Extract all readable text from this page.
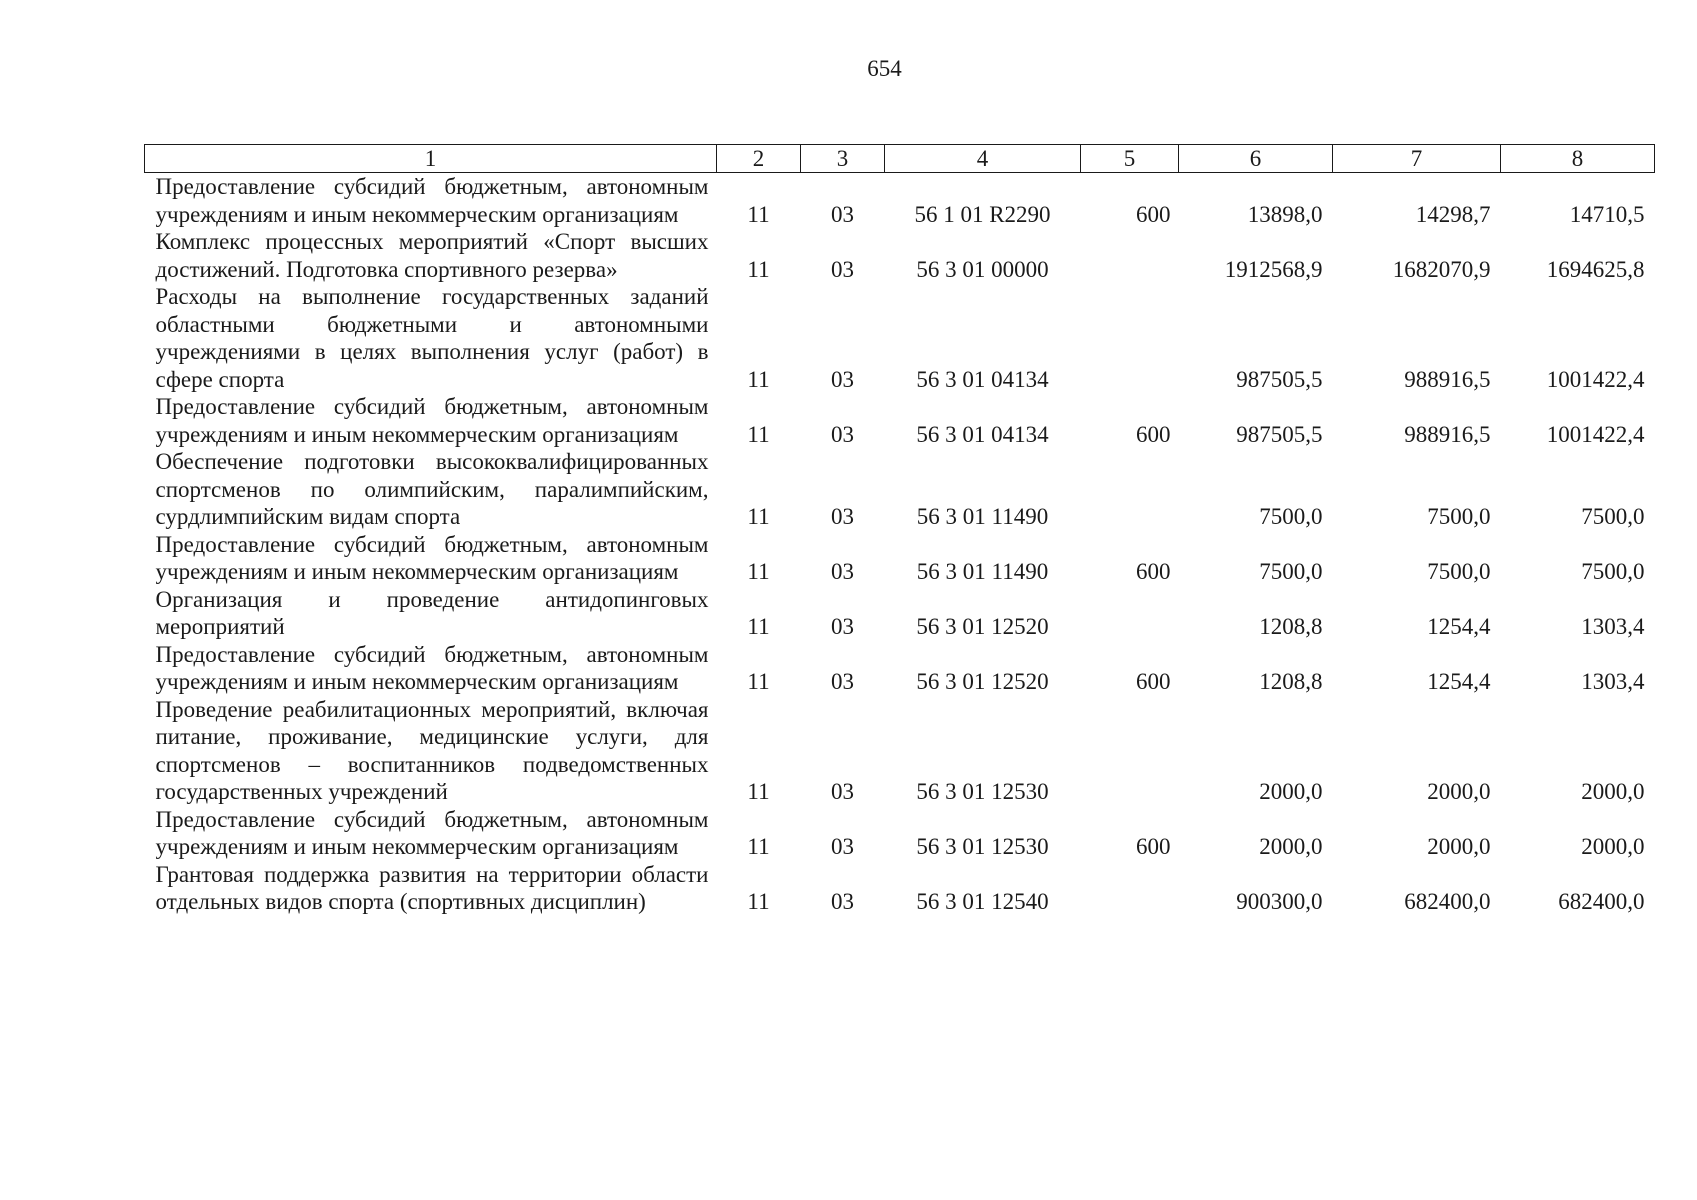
654
1	2	3	4	5	6	7	8
Предоставление субсидий бюджетным, автономным учреждениям и иным некоммерческим организациям	11	03	56 1 01 R2290	600	13898,0	14298,7	14710,5
Комплекс процессных мероприятий «Спорт высших достижений. Подготовка спортивного резерва»	11	03	56 3 01 00000		1912568,9	1682070,9	1694625,8
Расходы на выполнение государственных заданий областными бюджетными и автономными учреждениями в целях выполнения услуг (работ) в сфере спорта	11	03	56 3 01 04134		987505,5	988916,5	1001422,4
Предоставление субсидий бюджетным, автономным учреждениям и иным некоммерческим организациям	11	03	56 3 01 04134	600	987505,5	988916,5	1001422,4
Обеспечение подготовки высококвалифицированных спортсменов по олимпийским, паралимпийским, сурдлимпийским видам спорта	11	03	56 3 01 11490		7500,0	7500,0	7500,0
Предоставление субсидий бюджетным, автономным учреждениям и иным некоммерческим организациям	11	03	56 3 01 11490	600	7500,0	7500,0	7500,0
Организация и проведение антидопинговых мероприятий	11	03	56 3 01 12520		1208,8	1254,4	1303,4
Предоставление субсидий бюджетным, автономным учреждениям и иным некоммерческим организациям	11	03	56 3 01 12520	600	1208,8	1254,4	1303,4
Проведение реабилитационных мероприятий, включая питание, проживание, медицинские услуги, для спортсменов – воспитанников подведомственных государственных учреждений	11	03	56 3 01 12530		2000,0	2000,0	2000,0
Предоставление субсидий бюджетным, автономным учреждениям и иным некоммерческим организациям	11	03	56 3 01 12530	600	2000,0	2000,0	2000,0
Грантовая поддержка развития на территории области отдельных видов спорта (спортивных дисциплин)	11	03	56 3 01 12540		900300,0	682400,0	682400,0
